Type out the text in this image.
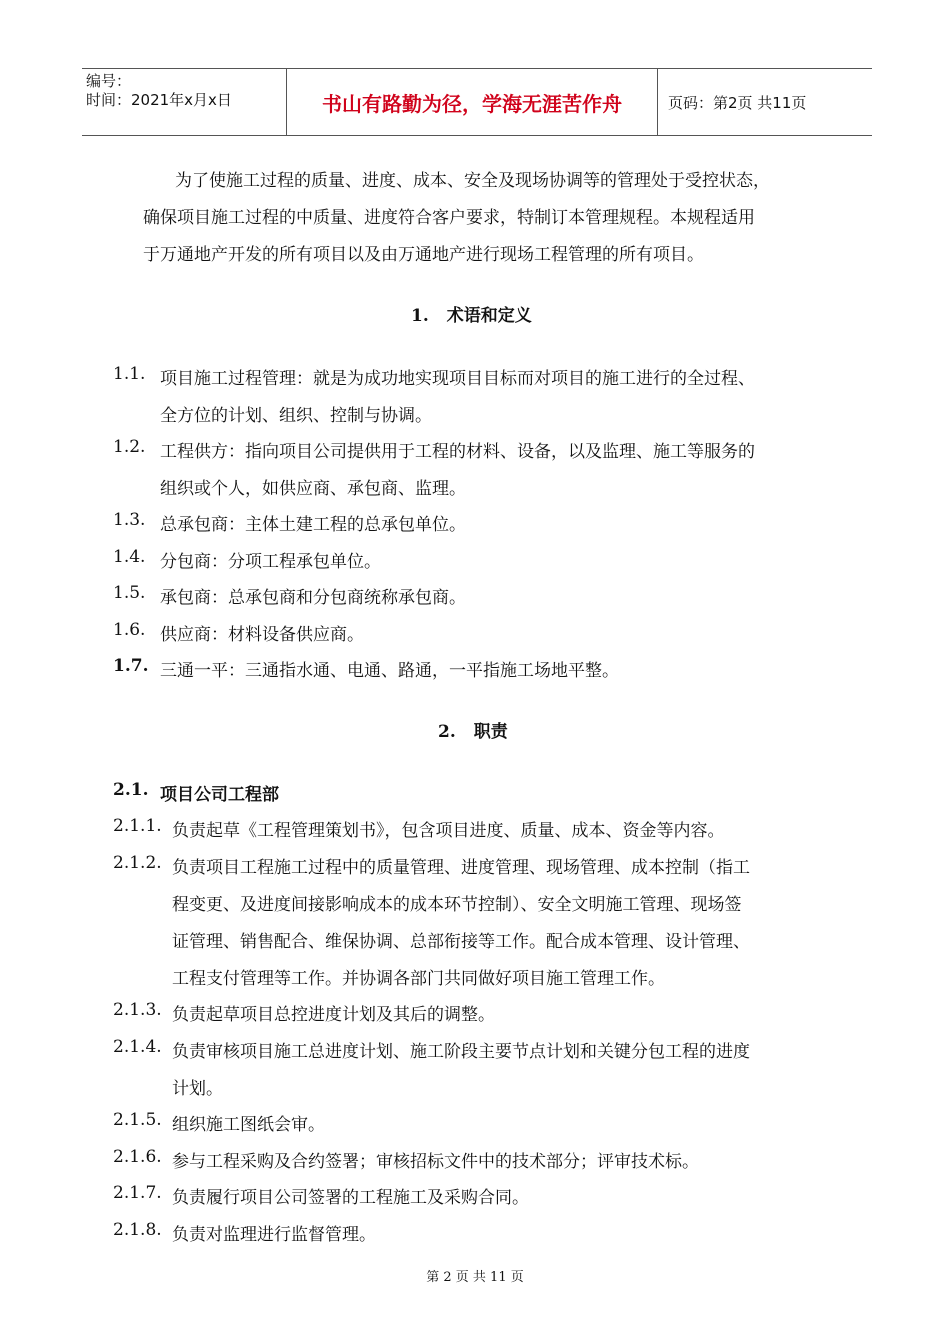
编号：
时间：2021年x月x日	书山有路勤为径，学海无涯苦作舟	页码：第2页 共11页
为了使施工过程的质量、进度、成本、安全及现场协调等的管理处于受控状态，
确保项目施工过程的中质量、进度符合客户要求，特制订本管理规程。本规程适用
于万通地产开发的所有项目以及由万通地产进行现场工程管理的所有项目。
1. 术语和定义
1.1. 项目施工过程管理：就是为成功地实现项目目标而对项目的施工进行的全过程、
全方位的计划、组织、控制与协调。
1.2. 工程供方：指向项目公司提供用于工程的材料、设备，以及监理、施工等服务的
组织或个人，如供应商、承包商、监理。
1.3. 总承包商：主体土建工程的总承包单位。
1.4. 分包商：分项工程承包单位。
1.5. 承包商：总承包商和分包商统称承包商。
1.6. 供应商：材料设备供应商。
1.7. 三通一平：三通指水通、电通、路通，一平指施工场地平整。
2. 职责
2.1. 项目公司工程部
2.1.1. 负责起草《工程管理策划书》，包含项目进度、质量、成本、资金等内容。
2.1.2. 负责项目工程施工过程中的质量管理、进度管理、现场管理、成本控制（指工
程变更、及进度间接影响成本的成本环节控制）、安全文明施工管理、现场签
证管理、销售配合、维保协调、总部衔接等工作。配合成本管理、设计管理、
工程支付管理等工作。并协调各部门共同做好项目施工管理工作。
2.1.3. 负责起草项目总控进度计划及其后的调整。
2.1.4. 负责审核项目施工总进度计划、施工阶段主要节点计划和关键分包工程的进度
计划。
2.1.5. 组织施工图纸会审。
2.1.6. 参与工程采购及合约签署；审核招标文件中的技术部分；评审技术标。
2.1.7. 负责履行项目公司签署的工程施工及采购合同。
2.1.8. 负责对监理进行监督管理。
第 2 页 共 11 页
